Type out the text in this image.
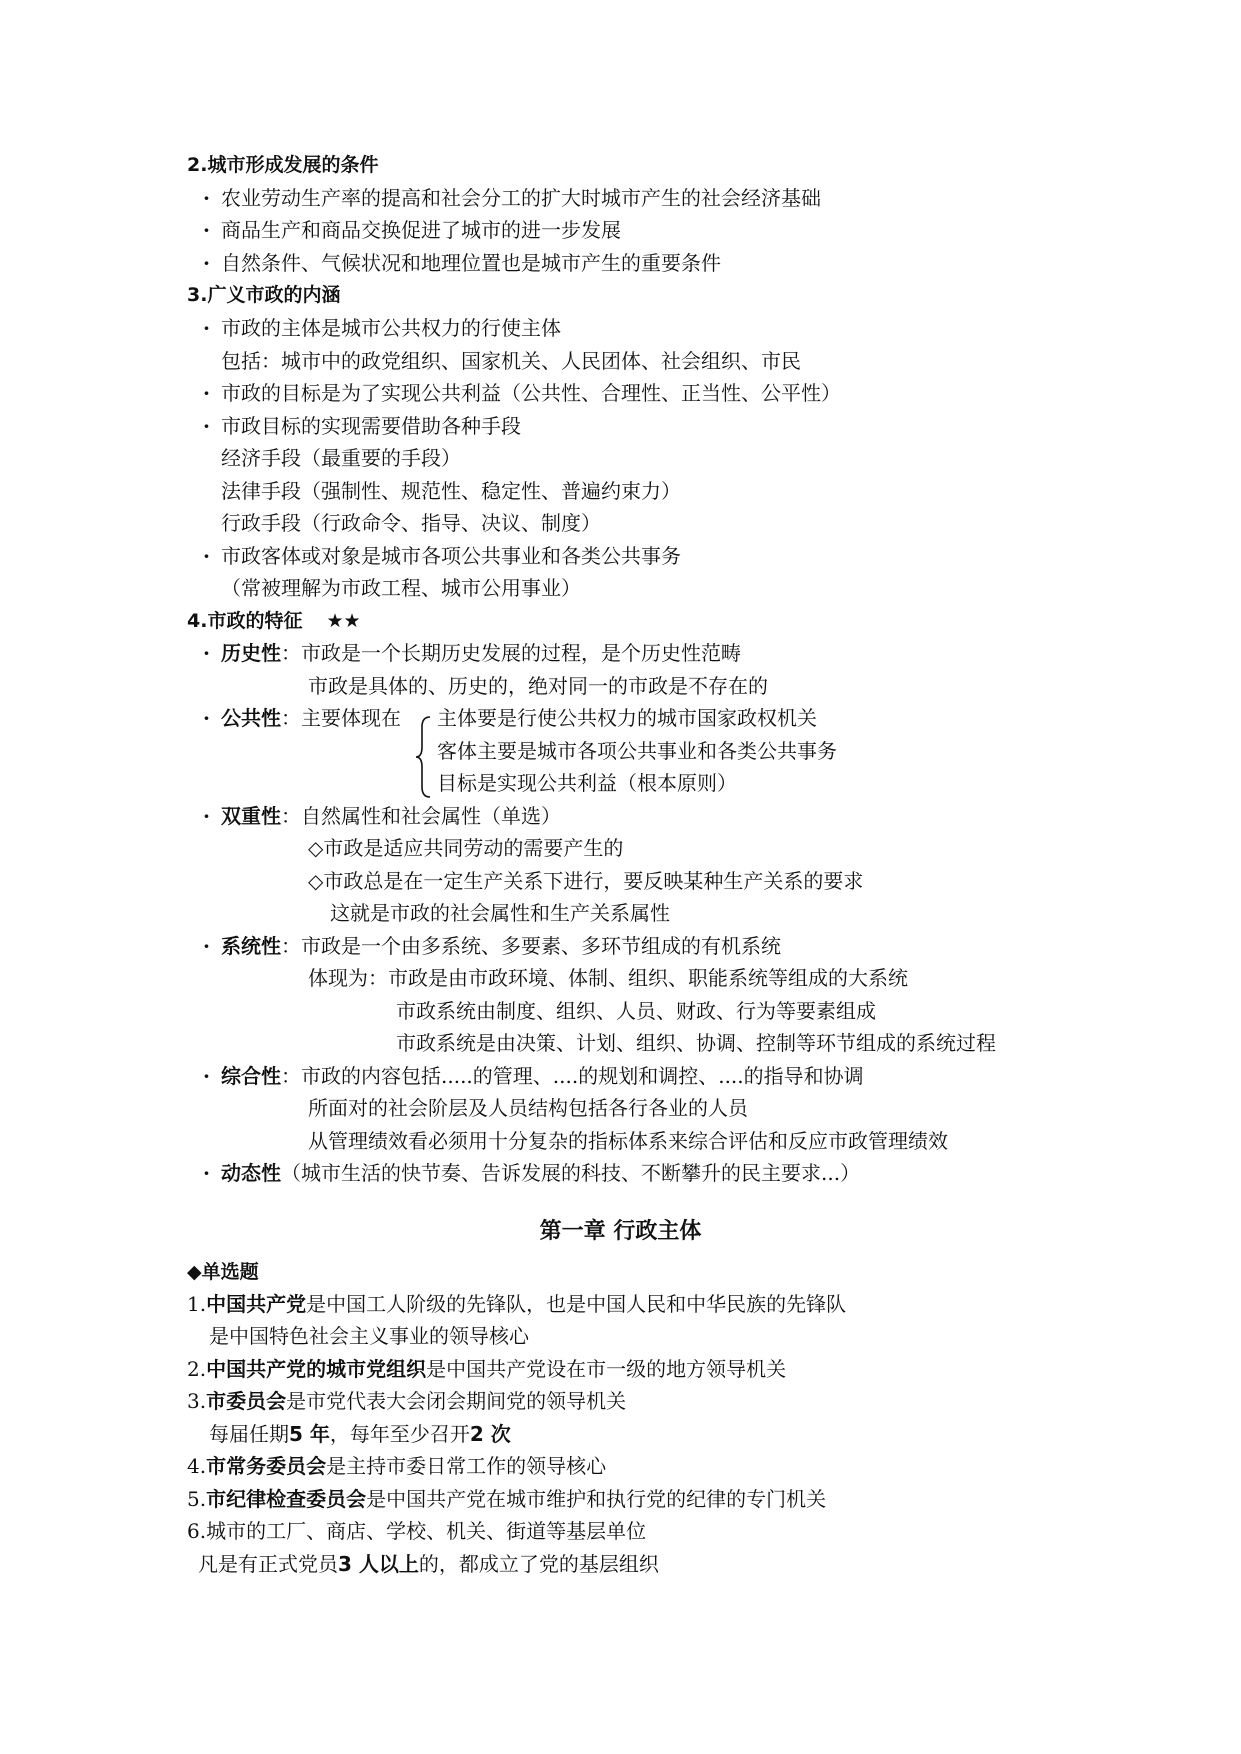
2.城市形成发展的条件
· 农业劳动生产率的提高和社会分工的扩大时城市产生的社会经济基础
· 商品生产和商品交换促进了城市的进一步发展
· 自然条件、气候状况和地理位置也是城市产生的重要条件
3.广义市政的内涵
· 市政的主体是城市公共权力的行使主体
包括：城市中的政党组织、国家机关、人民团体、社会组织、市民
· 市政的目标是为了实现公共利益（公共性、合理性、正当性、公平性）
· 市政目标的实现需要借助各种手段
经济手段（最重要的手段）
法律手段（强制性、规范性、稳定性、普遍约束力）
行政手段（行政命令、指导、决议、制度）
· 市政客体或对象是城市各项公共事业和各类公共事务
（常被理解为市政工程、城市公用事业）
4.市政的特征 ★★
· 历史性：市政是一个长期历史发展的过程，是个历史性范畴
市政是具体的、历史的，绝对同一的市政是不存在的
· 公共性：主要体现在 主体要是行使公共权力的城市国家政权机关
客体主要是城市各项公共事业和各类公共事务
目标是实现公共利益（根本原则）
· 双重性：自然属性和社会属性（单选）
◇市政是适应共同劳动的需要产生的
◇市政总是在一定生产关系下进行，要反映某种生产关系的要求
这就是市政的社会属性和生产关系属性
· 系统性：市政是一个由多系统、多要素、多环节组成的有机系统
体现为：市政是由市政环境、体制、组织、职能系统等组成的大系统
市政系统由制度、组织、人员、财政、行为等要素组成
市政系统是由决策、计划、组织、协调、控制等环节组成的系统过程
· 综合性：市政的内容包括.....的管理、....的规划和调控、....的指导和协调
所面对的社会阶层及人员结构包括各行各业的人员
从管理绩效看必须用十分复杂的指标体系来综合评估和反应市政管理绩效
· 动态性（城市生活的快节奏、告诉发展的科技、不断攀升的民主要求...）
第一章 行政主体
◆单选题
1.中国共产党是中国工人阶级的先锋队，也是中国人民和中华民族的先锋队
是中国特色社会主义事业的领导核心
2.中国共产党的城市党组织是中国共产党设在市一级的地方领导机关
3.市委员会是市党代表大会闭会期间党的领导机关
每届任期5 年，每年至少召开2 次
4.市常务委员会是主持市委日常工作的领导核心
5.市纪律检查委员会是中国共产党在城市维护和执行党的纪律的专门机关
6.城市的工厂、商店、学校、机关、街道等基层单位
凡是有正式党员3 人以上的，都成立了党的基层组织
